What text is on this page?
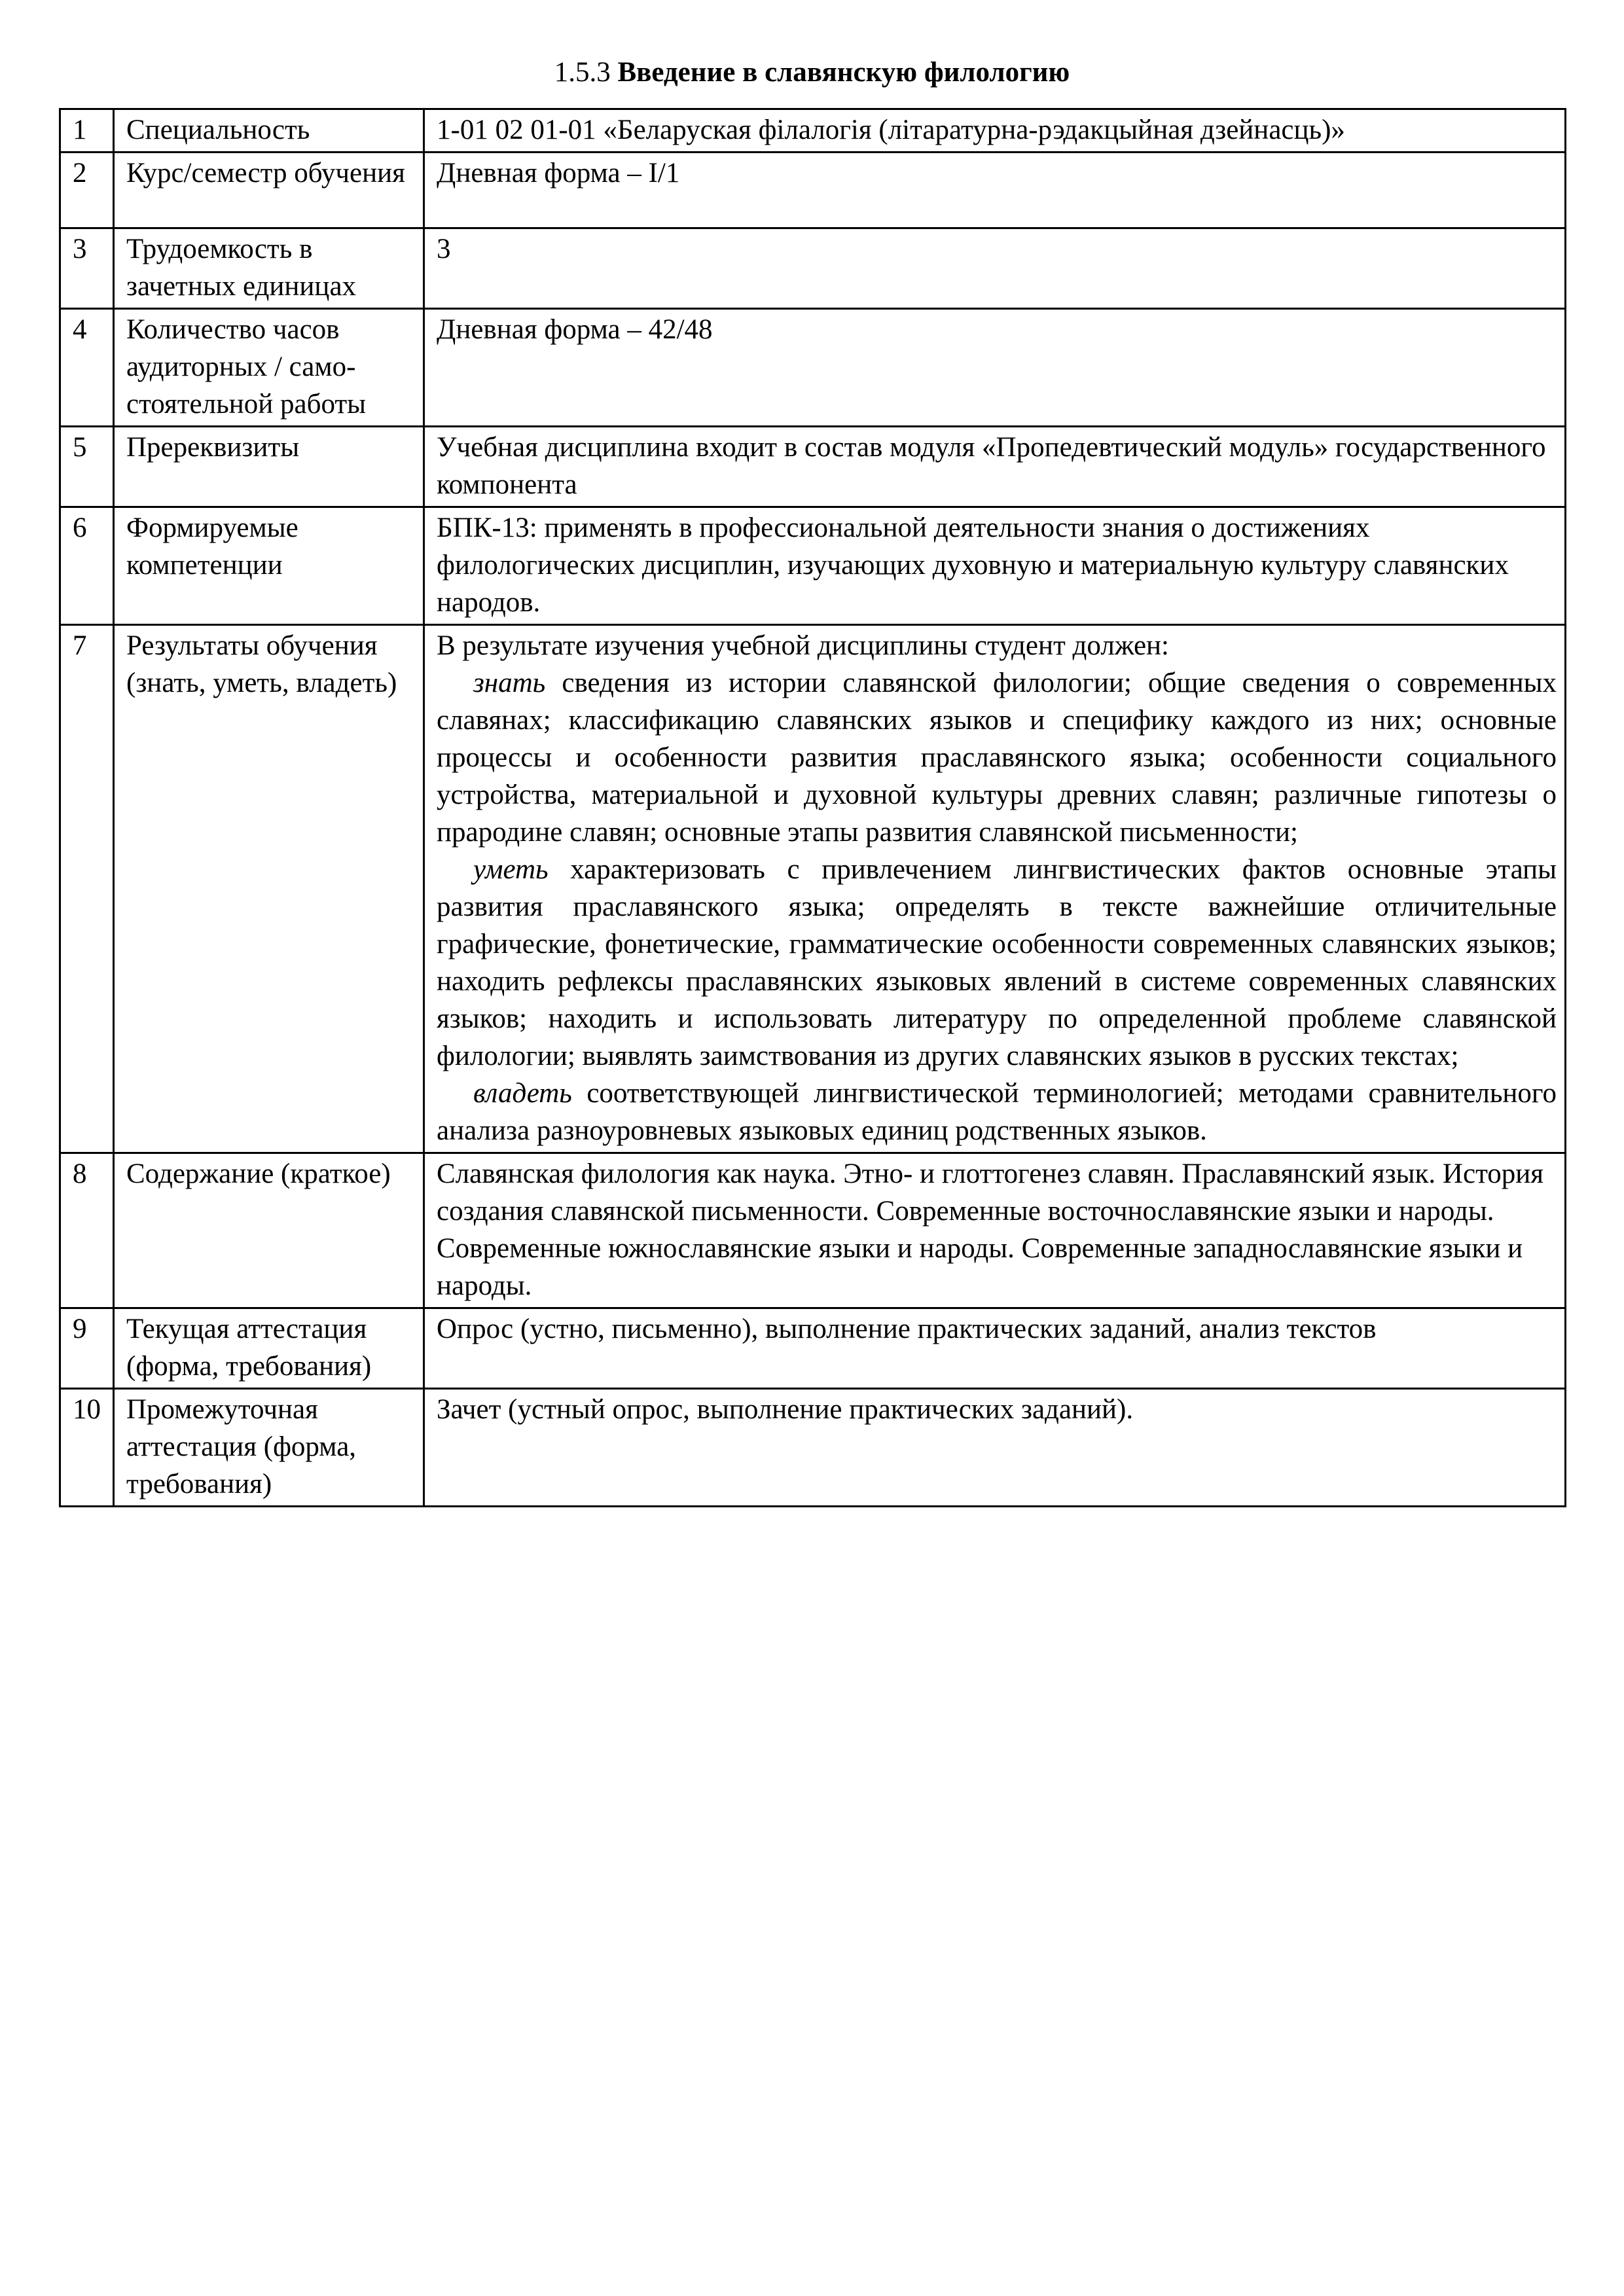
1.5.3 Введение в славянскую филологию
1	Специальность	1-01 02 01-01 «Беларуская філалогія (літаратурна-рэдакцыйная дзейнасць)»
2	Курс/семестр обучения	Дневная форма – I/1
3	Трудоемкость в зачетных единицах	3
4	Количество часов аудиторных / само-стоятельной работы	Дневная форма – 42/48
5	Пререквизиты	Учебная дисциплина входит в состав модуля «Пропедевтический модуль» государственного компонента
6	Формируемые компетенции	БПК-13: применять в профессиональной деятельности знания о достижениях филологических дисциплин, изучающих духовную и материальную культуру славянских народов.
7	Результаты обучения (знать, уметь, владеть)	В результате изучения учебной дисциплины студент должен:
знать сведения из истории славянской филологии; общие сведения о современных славянах; классификацию славянских языков и специфику каждого из них; основные процессы и особенности развития праславянского языка; особенности социального устройства, материальной и духовной культуры древних славян; различные гипотезы о прародине славян; основные этапы развития славянской письменности;
уметь характеризовать с привлечением лингвистических фактов основные этапы развития праславянского языка; определять в тексте важнейшие отличительные графические, фонетические, грамматические особенности современных славянских языков; находить рефлексы праславянских языковых явлений в системе современных славянских языков; находить и использовать литературу по определенной проблеме славянской филологии; выявлять заимствования из других славянских языков в русских текстах;
владеть соответствующей лингвистической терминологией; методами сравнительного анализа разноуровневых языковых единиц родственных языков.

8	Содержание (краткое)	Славянская филология как наука. Этно- и глоттогенез славян. Праславянский язык. История создания славянской письменности. Современные восточнославянские языки и народы. Современные южнославянские языки и народы. Современные западнославянские языки и народы.
9	Текущая аттестация (форма, требования)	Опрос (устно, письменно), выполнение практических заданий, анализ текстов
10	Промежуточная аттестация (форма, требования)	Зачет (устный опрос, выполнение практических заданий).
